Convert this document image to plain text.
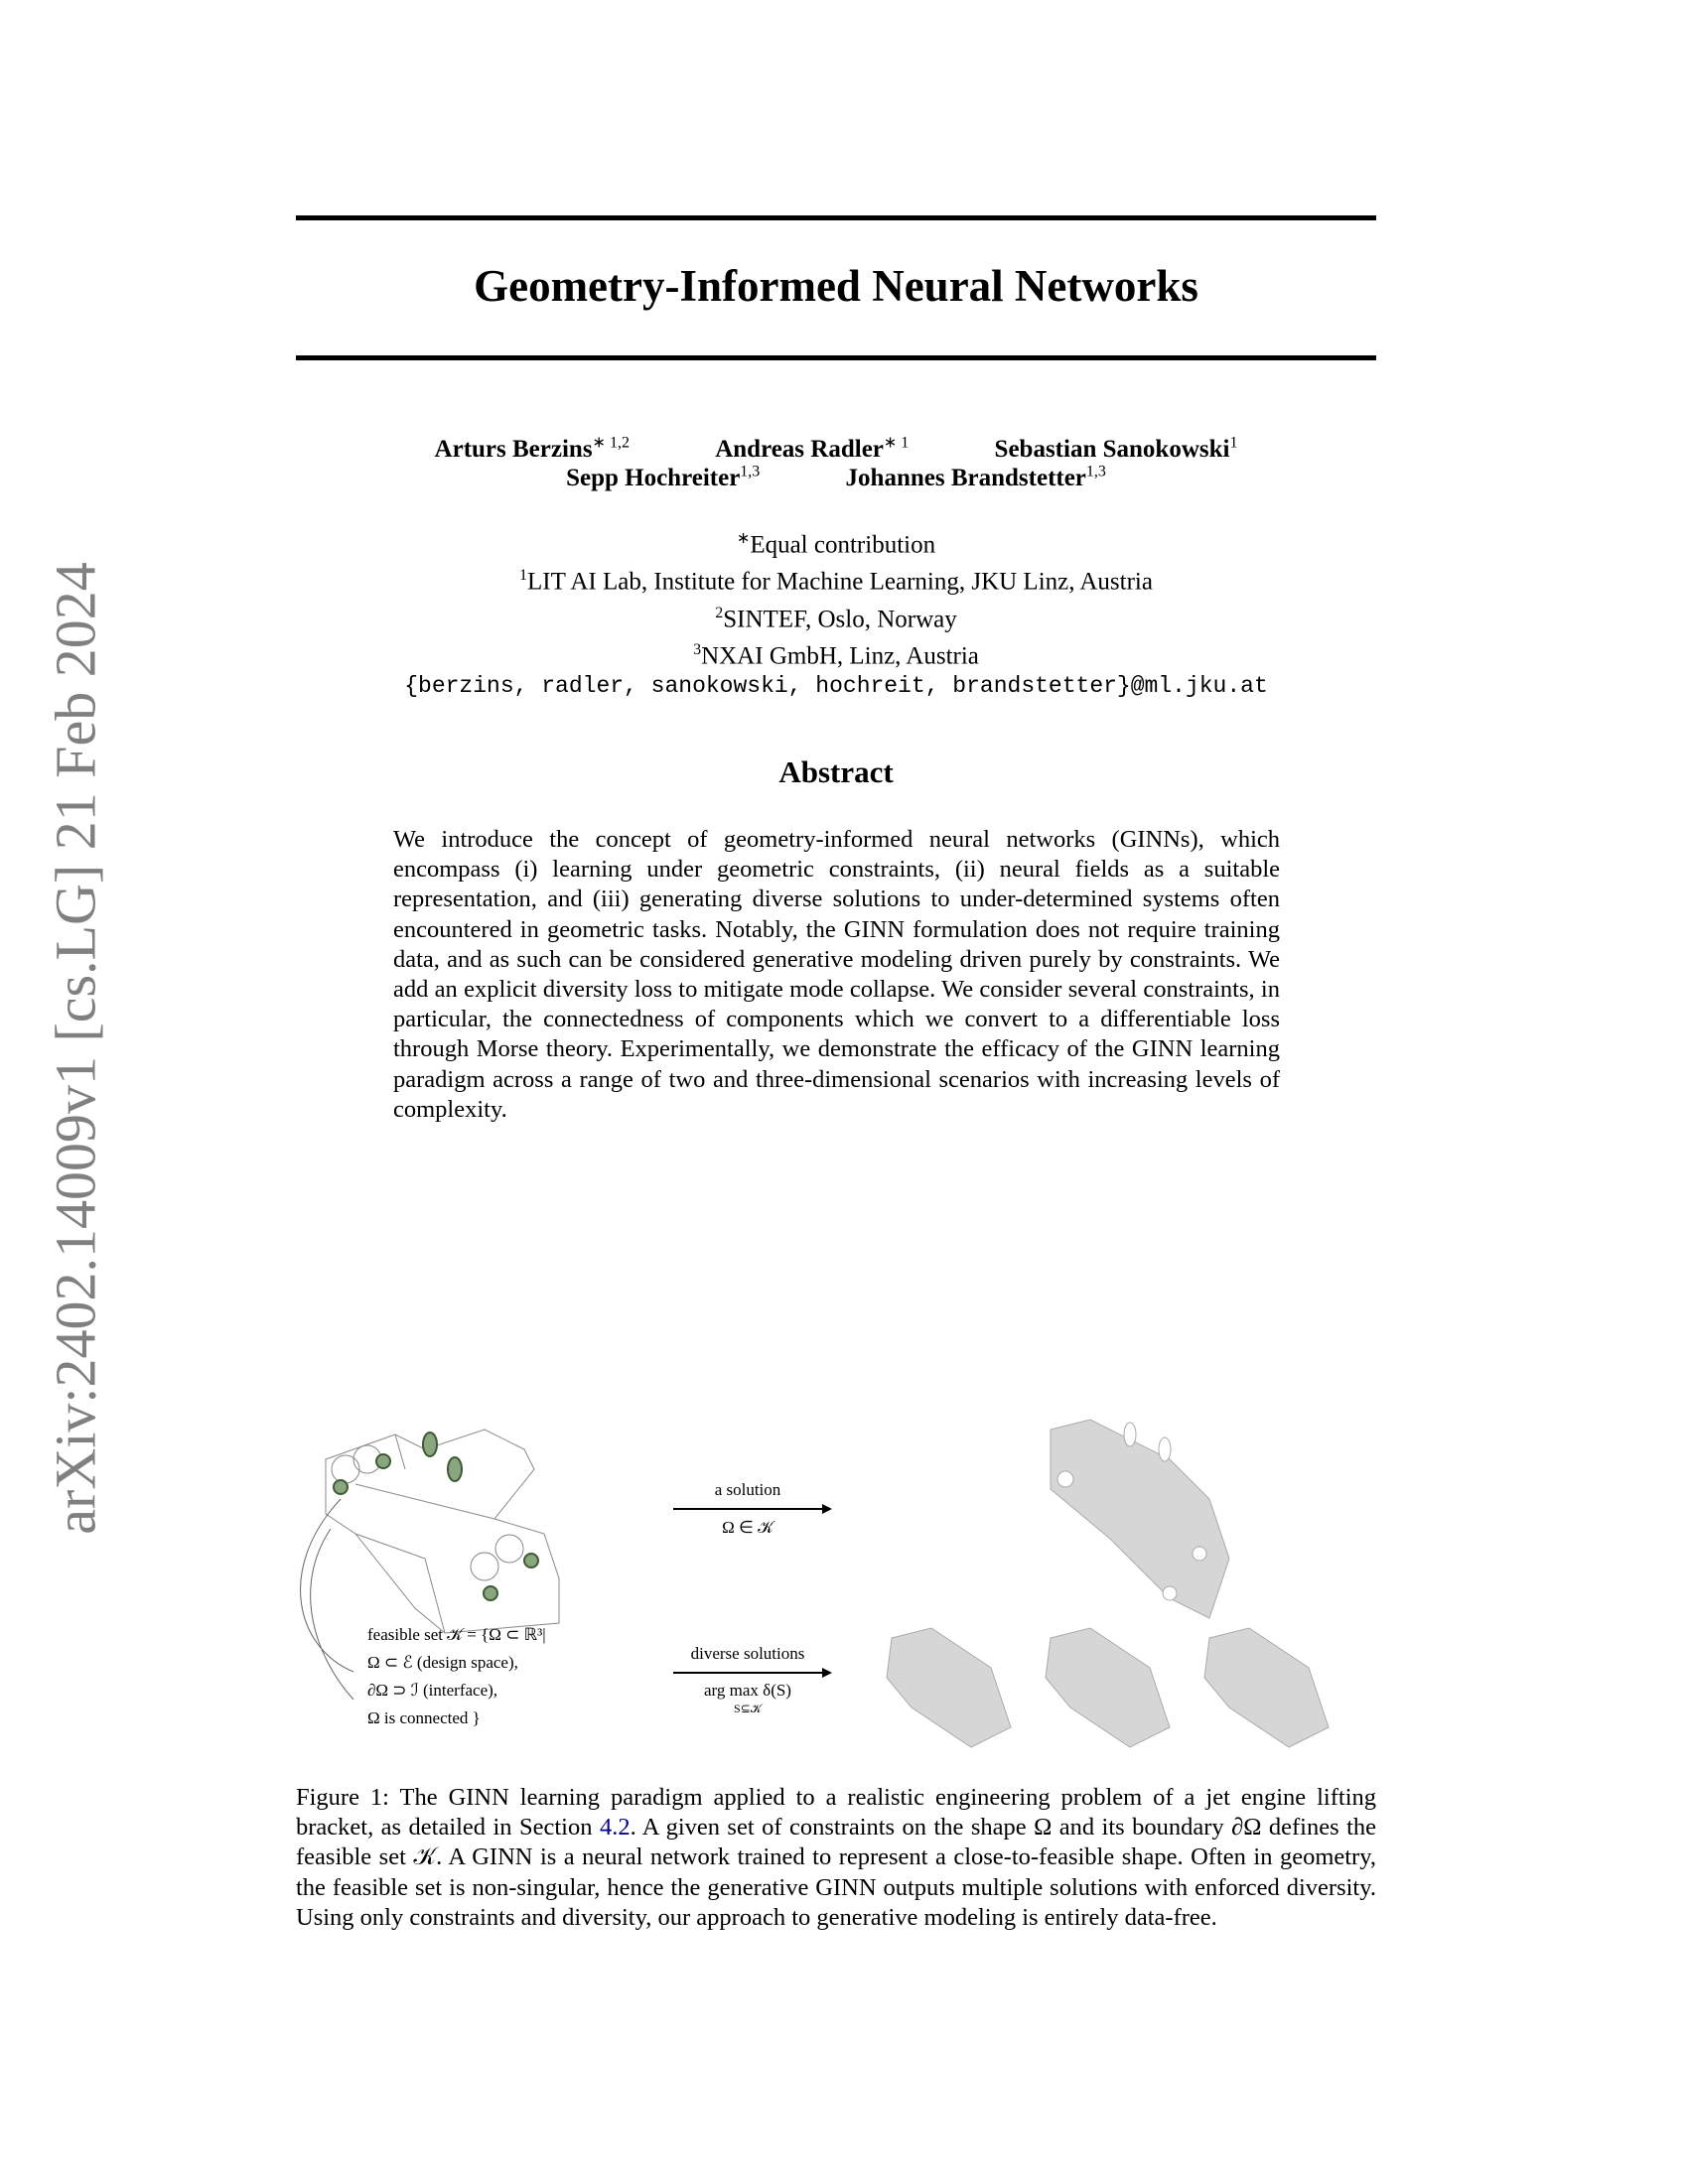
arXiv:2402.14009v1 [cs.LG] 21 Feb 2024
Geometry-Informed Neural Networks
Arturs Berzins$^{∗ 1,2}$	Andreas Radler$^{∗ 1}$	Sebastian Sanokowski$^1$
Sepp Hochreiter$^{1,3}$	Johannes Brandstetter$^{1,3}$
∗Equal contribution
$^1$LIT AI Lab, Institute for Machine Learning, JKU Linz, Austria
$^2$SINTEF, Oslo, Norway
$^3$NXAI GmbH, Linz, Austria
{berzins, radler, sanokowski, hochreit, brandstetter}@ml.jku.at
Abstract
We introduce the concept of geometry-informed neural networks (GINNs), which encompass (i) learning under geometric constraints, (ii) neural fields as a suitable representation, and (iii) generating diverse solutions to under-determined systems often encountered in geometric tasks. Notably, the GINN formulation does not require training data, and as such can be considered generative modeling driven purely by constraints. We add an explicit diversity loss to mitigate mode collapse. We consider several constraints, in particular, the connectedness of components which we convert to a differentiable loss through Morse theory. Experimentally, we demonstrate the efficacy of the GINN learning paradigm across a range of two and three-dimensional scenarios with increasing levels of complexity.
feasible set 𝒦 = {Ω ⊂ ℝ³|
Ω ⊂ ℰ (design space),
∂Ω ⊃ ℐ (interface),
Ω is connected }
a solution
Ω ∈ 𝒦
diverse solutions
arg max δ(S)
S⊆𝒦
Figure 1: The GINN learning paradigm applied to a realistic engineering problem of a jet engine lifting bracket, as detailed in Section 4.2. A given set of constraints on the shape Ω and its boundary ∂Ω defines the feasible set 𝒦. A GINN is a neural network trained to represent a close-to-feasible shape. Often in geometry, the feasible set is non-singular, hence the generative GINN outputs multiple solutions with enforced diversity. Using only constraints and diversity, our approach to generative modeling is entirely data-free.
